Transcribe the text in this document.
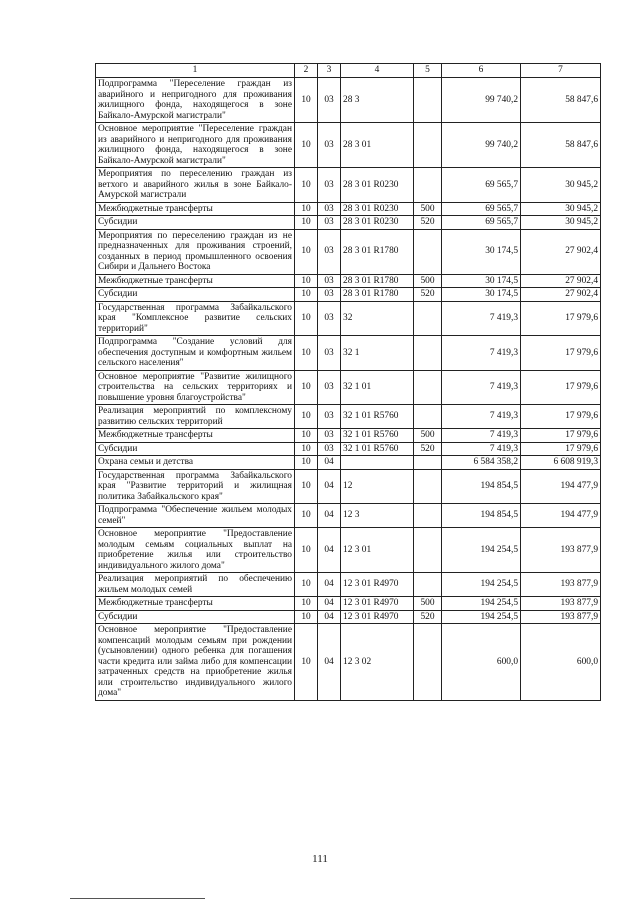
1	2	3	4	5	6	7
Подпрограмма "Переселение граждан из аварийного и непригодного для проживания жилищного фонда, находящегося в зоне Байкало-Амурской магистрали"	10	03	28 3		99 740,2	58 847,6
Основное мероприятие "Переселение граждан из аварийного и непригодного для проживания жилищного фонда, находящегося в зоне Байкало-Амурской магистрали"	10	03	28 3 01		99 740,2	58 847,6
Мероприятия по переселению граждан из ветхого и аварийного жилья в зоне Байкало-Амурской магистрали	10	03	28 3 01 R0230		69 565,7	30 945,2
Межбюджетные трансферты	10	03	28 3 01 R0230	500	69 565,7	30 945,2
Субсидии	10	03	28 3 01 R0230	520	69 565,7	30 945,2
Мероприятия по переселению граждан из не предназначенных для проживания строений, созданных в период промышленного освоения Сибири и Дальнего Востока	10	03	28 3 01 R1780		30 174,5	27 902,4
Межбюджетные трансферты	10	03	28 3 01 R1780	500	30 174,5	27 902,4
Субсидии	10	03	28 3 01 R1780	520	30 174,5	27 902,4
Государственная программа Забайкальского края "Комплексное развитие сельских территорий"	10	03	32		7 419,3	17 979,6
Подпрограмма "Создание условий для обеспечения доступным и комфортным жильем сельского населения"	10	03	32 1		7 419,3	17 979,6
Основное мероприятие "Развитие жилищного строительства на сельских территориях и повышение уровня благоустройства"	10	03	32 1 01		7 419,3	17 979,6
Реализация мероприятий по комплексному развитию сельских территорий	10	03	32 1 01 R5760		7 419,3	17 979,6
Межбюджетные трансферты	10	03	32 1 01 R5760	500	7 419,3	17 979,6
Субсидии	10	03	32 1 01 R5760	520	7 419,3	17 979,6
Охрана семьи и детства	10	04			6 584 358,2	6 608 919,3
Государственная программа Забайкальского края "Развитие территорий и жилищная политика Забайкальского края"	10	04	12		194 854,5	194 477,9
Подпрограмма "Обеспечение жильем молодых семей"	10	04	12 3		194 854,5	194 477,9
Основное мероприятие "Предоставление молодым семьям социальных выплат на приобретение жилья или строительство индивидуального жилого дома"	10	04	12 3 01		194 254,5	193 877,9
Реализация мероприятий по обеспечению жильем молодых семей	10	04	12 3 01 R4970		194 254,5	193 877,9
Межбюджетные трансферты	10	04	12 3 01 R4970	500	194 254,5	193 877,9
Субсидии	10	04	12 3 01 R4970	520	194 254,5	193 877,9
Основное мероприятие "Предоставление компенсаций молодым семьям при рождении (усыновлении) одного ребенка для погашения части кредита или займа либо для компенсации затраченных средств на приобретение жилья или строительство индивидуального жилого дома"	10	04	12 3 02		600,0	600,0
111
